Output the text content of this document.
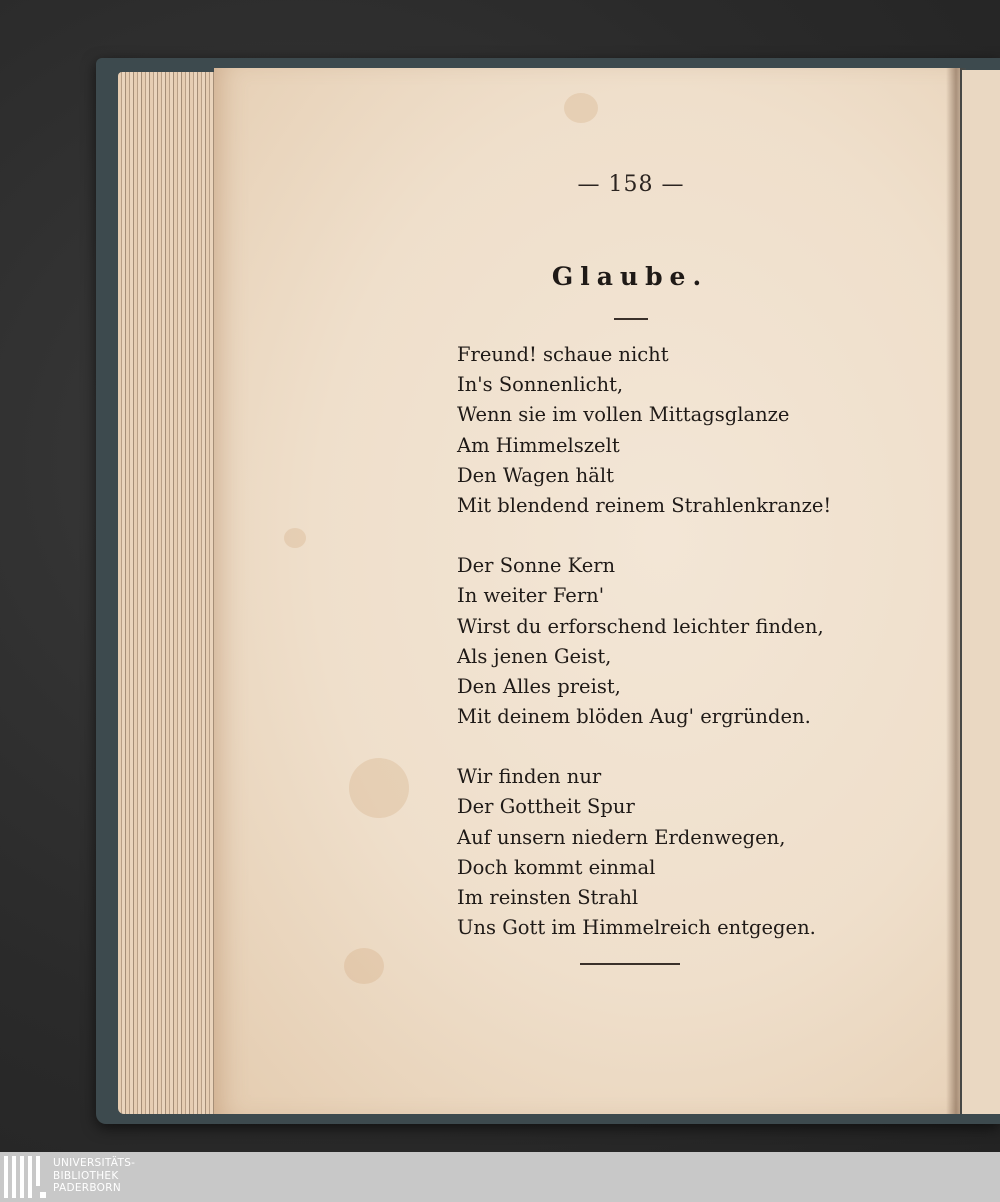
— 158 —
Glaube.
Freund! schaue nicht
In's Sonnenlicht,
Wenn sie im vollen Mittagsglanze
Am Himmelszelt
Den Wagen hält
Mit blendend reinem Strahlenkranze!
Der Sonne Kern
In weiter Fern'
Wirst du erforschend leichter finden,
Als jenen Geist,
Den Alles preist,
Mit deinem blöden Aug' ergründen.
Wir finden nur
Der Gottheit Spur
Auf unsern niedern Erdenwegen,
Doch kommt einmal
Im reinsten Strahl
Uns Gott im Himmelreich entgegen.
UNIVERSITÄTS-
BIBLIOTHEK
PADERBORN
